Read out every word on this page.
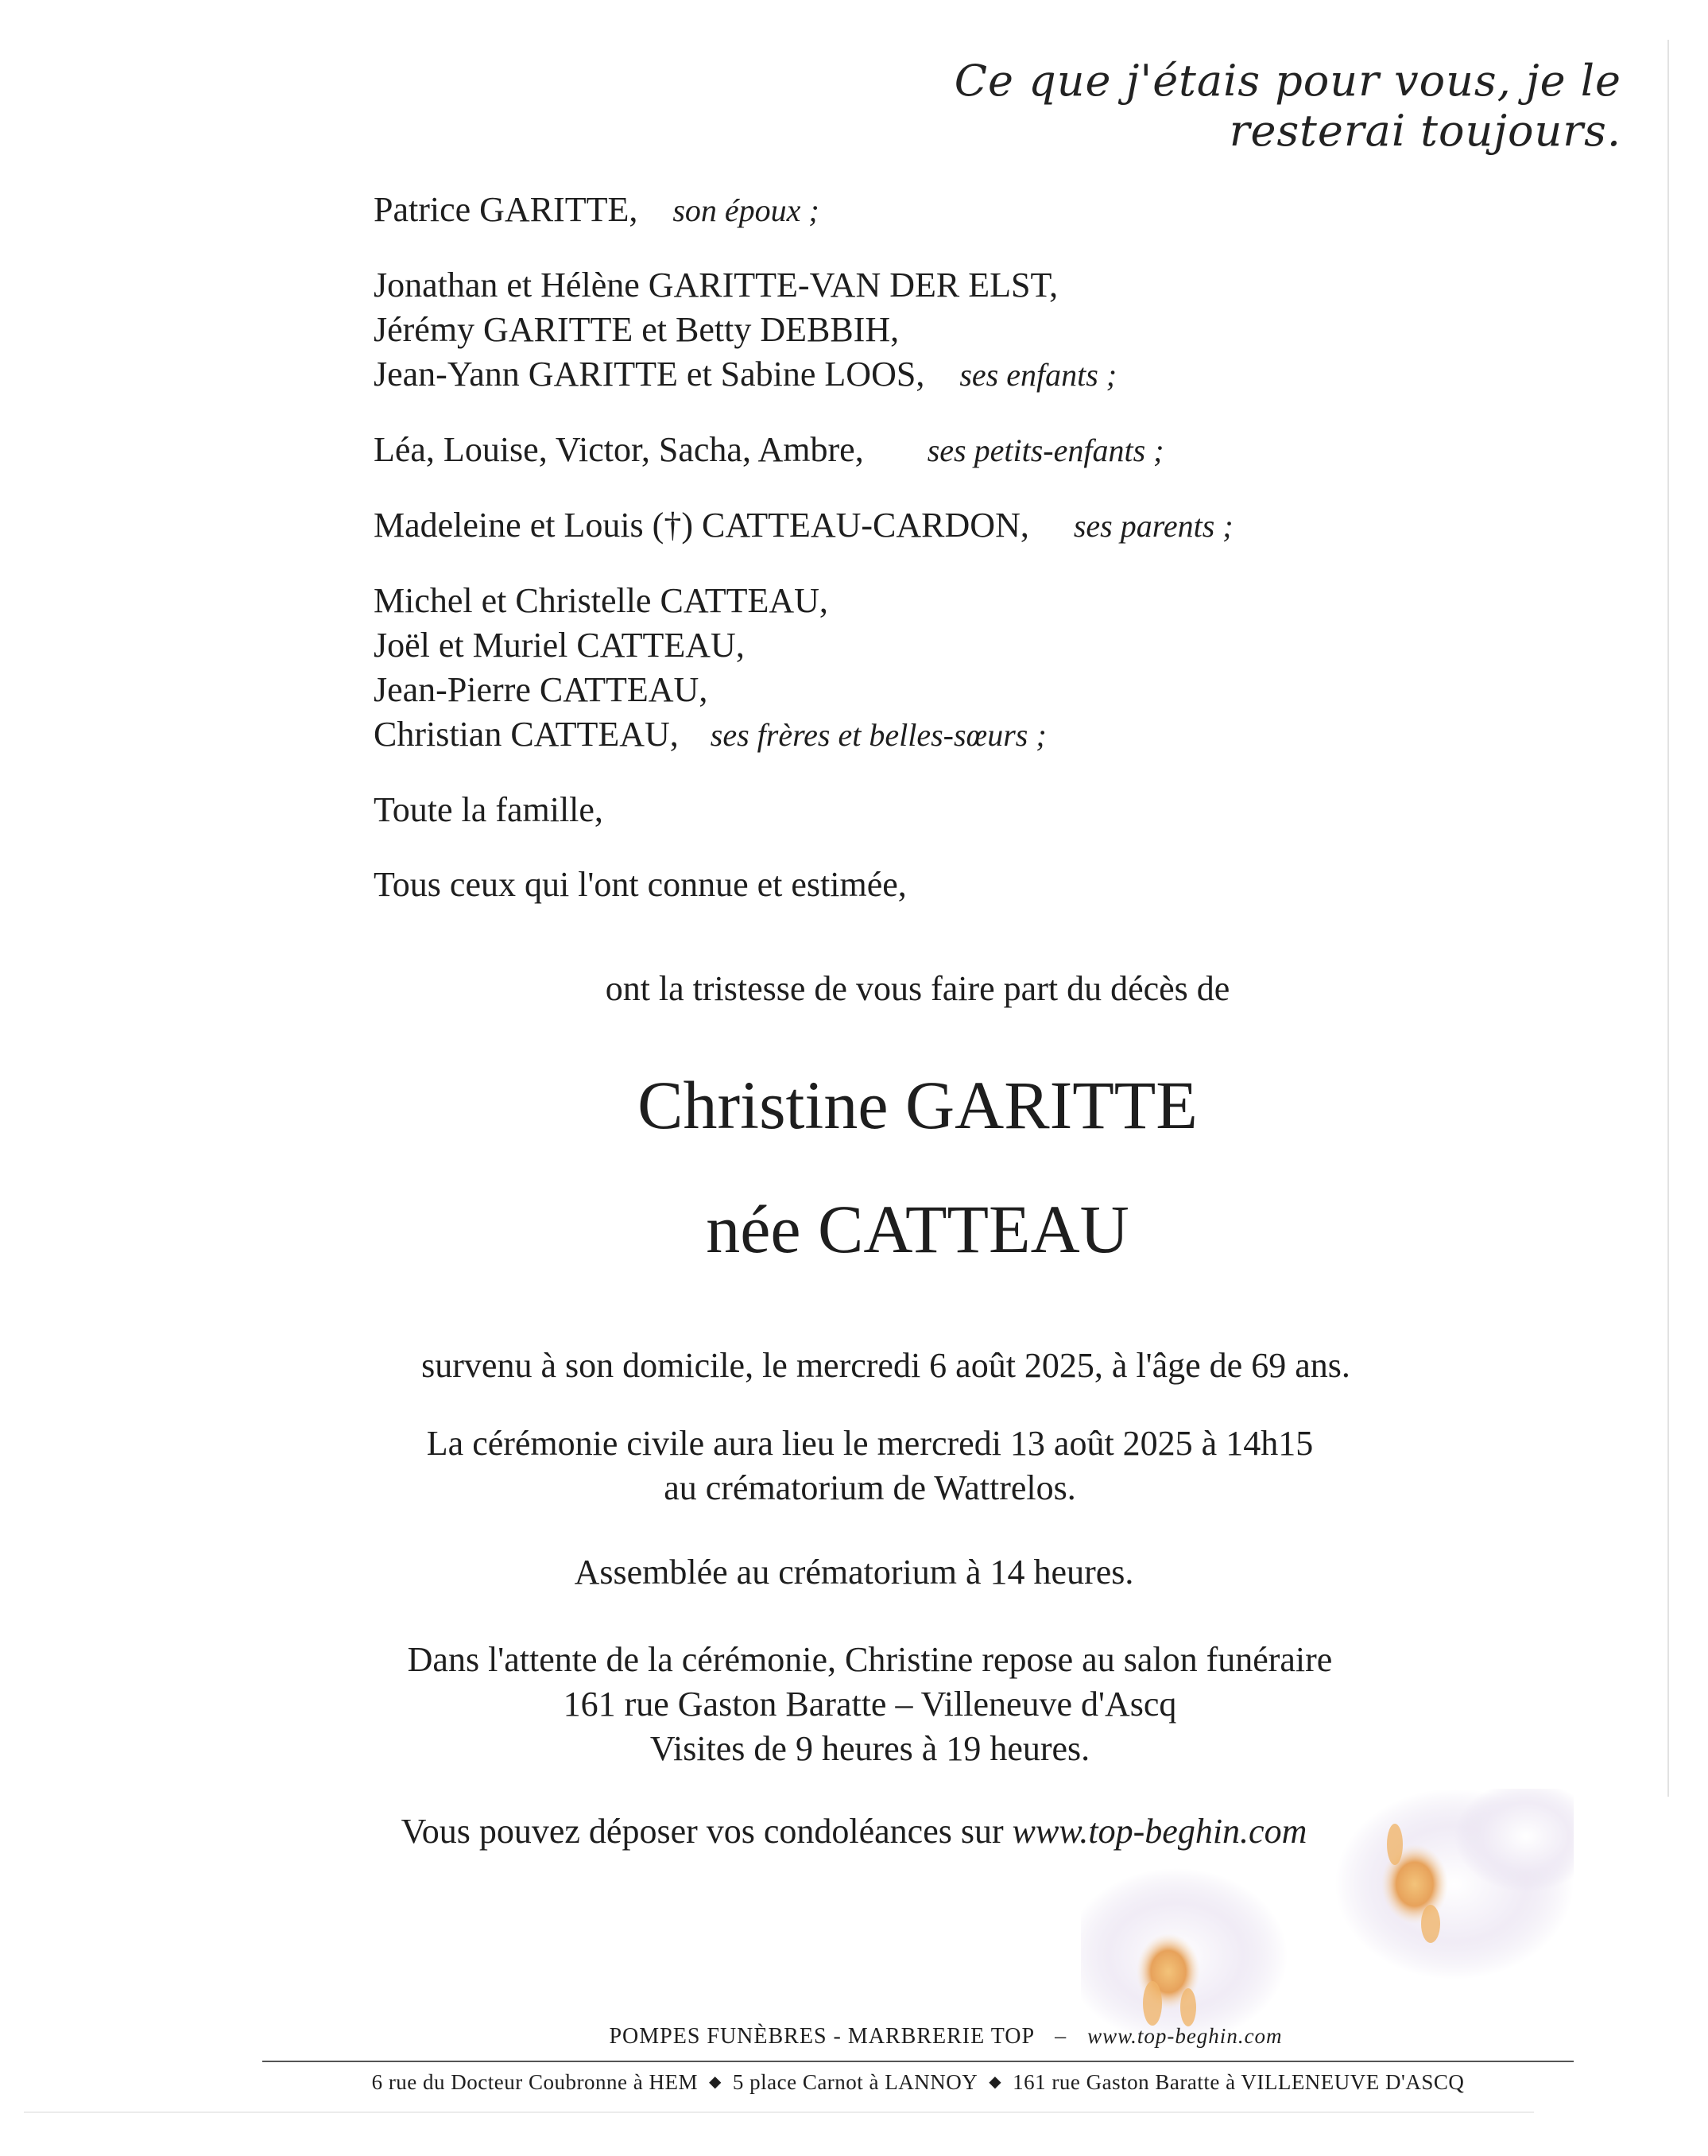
Ce que j'étais pour vous, je le resterai toujours.
Patrice GARITTE, son époux ;
Jonathan et Hélène GARITTE-VAN DER ELST,
Jérémy GARITTE et Betty DEBBIH,
Jean-Yann GARITTE et Sabine LOOS, ses enfants ;
Léa, Louise, Victor, Sacha, Ambre, ses petits-enfants ;
Madeleine et Louis (†) CATTEAU-CARDON, ses parents ;
Michel et Christelle CATTEAU,
Joël et Muriel CATTEAU,
Jean-Pierre CATTEAU,
Christian CATTEAU, ses frères et belles-sœurs ;
Toute la famille,
Tous ceux qui l'ont connue et estimée,
ont la tristesse de vous faire part du décès de
Christine GARITTE
née CATTEAU
survenu à son domicile, le mercredi 6 août 2025, à l'âge de 69 ans.
La cérémonie civile aura lieu le mercredi 13 août 2025 à 14h15
au crématorium de Wattrelos.
Assemblée au crématorium à 14 heures.
Dans l'attente de la cérémonie, Christine repose au salon funéraire
161 rue Gaston Baratte – Villeneuve d'Ascq
Visites de 9 heures à 19 heures.
Vous pouvez déposer vos condoléances sur www.top-beghin.com
POMPES FUNÈBRES - MARBRERIE TOP – www.top-beghin.com
6 rue du Docteur Coubronne à HEM ◆ 5 place Carnot à LANNOY ◆ 161 rue Gaston Baratte à VILLENEUVE D'ASCQ
